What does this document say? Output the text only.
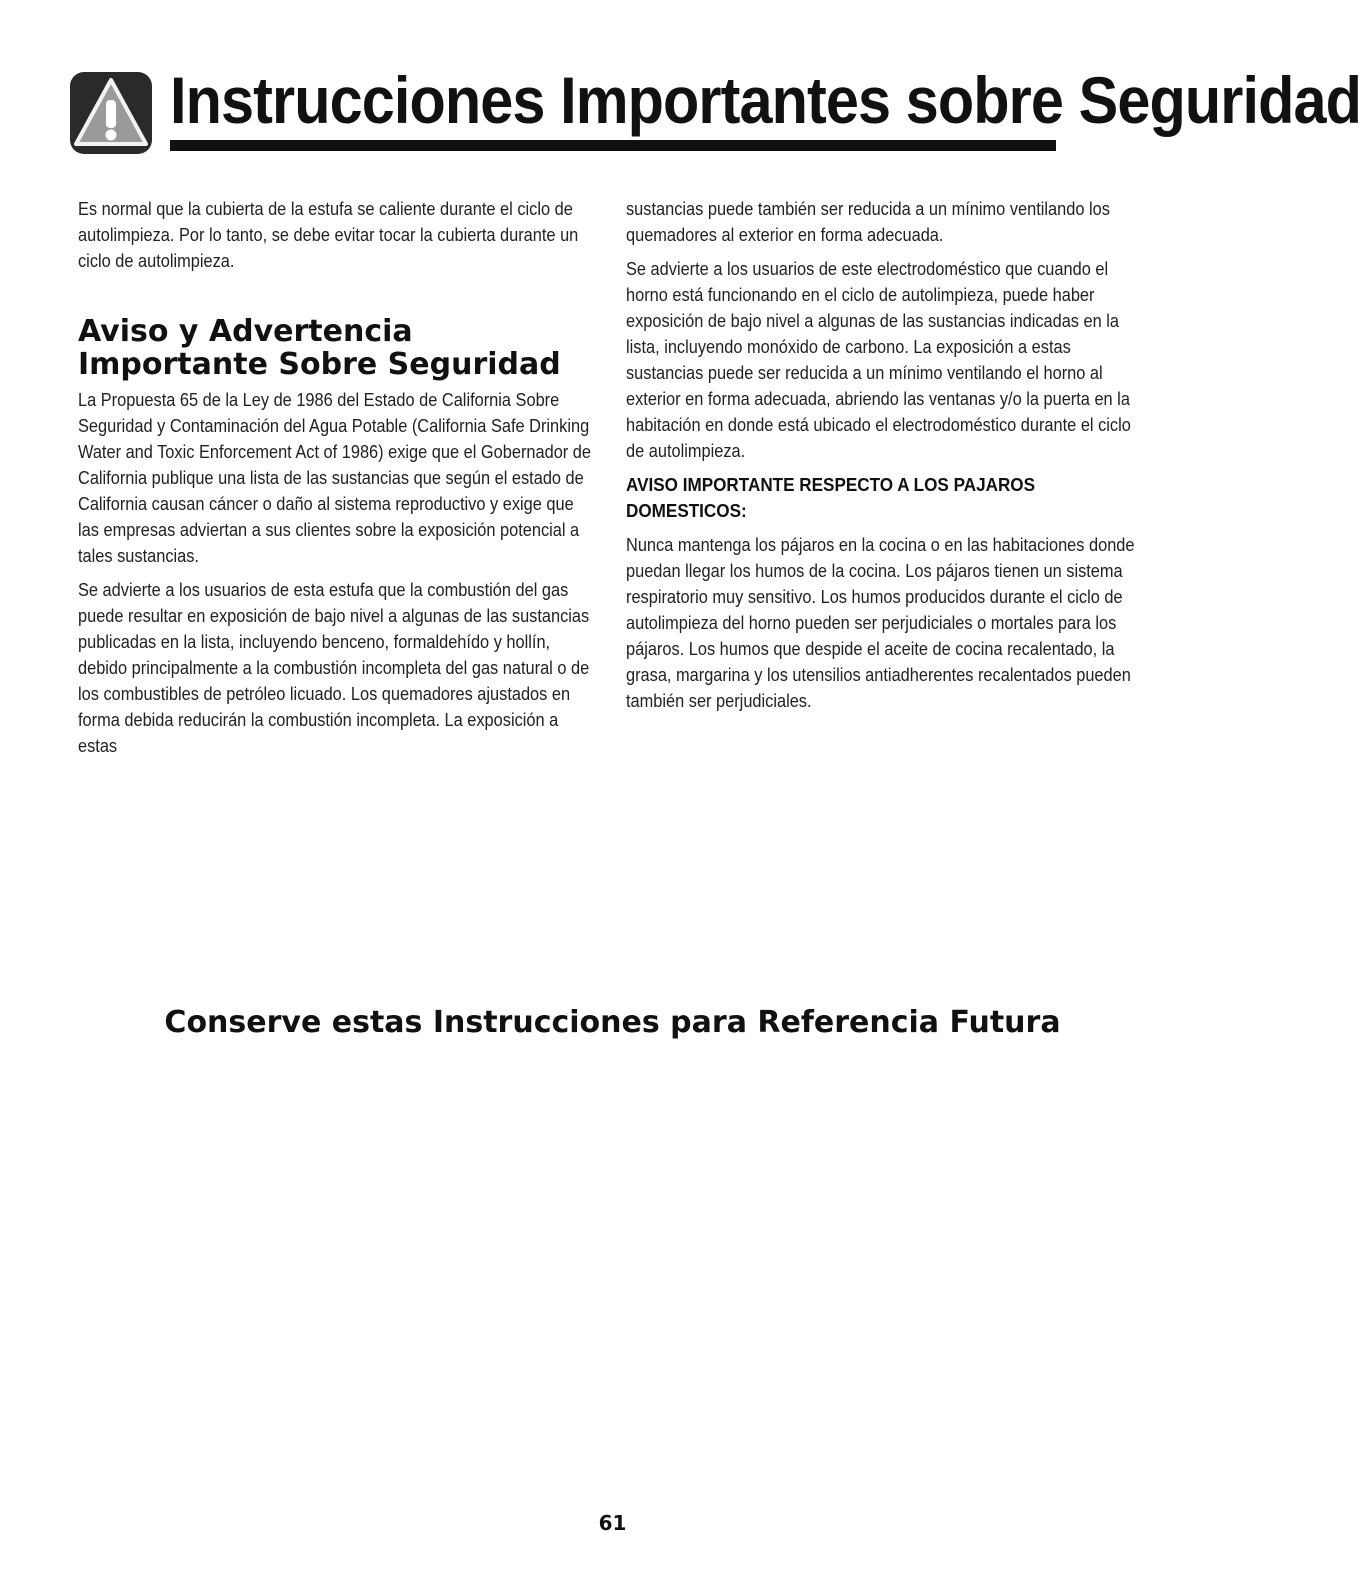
Instrucciones Importantes sobre Seguridad

Es normal que la cubierta de la estufa se caliente durante el ciclo de autolimpieza. Por lo tanto, se debe evitar tocar la cubierta durante un ciclo de autolimpieza.

Aviso y Advertencia
Importante Sobre Seguridad

La Propuesta 65 de la Ley de 1986 del Estado de California Sobre Seguridad y Contaminación del Agua Potable (California Safe Drinking Water and Toxic Enforcement Act of 1986) exige que el Gobernador de California publique una lista de las sustancias que según el estado de California causan cáncer o daño al sistema reproductivo y exige que las empresas adviertan a sus clientes sobre la exposición potencial a tales sustancias.

Se advierte a los usuarios de esta estufa que la combustión del gas puede resultar en exposición de bajo nivel a algunas de las sustancias publicadas en la lista, incluyendo benceno, formaldehído y hollín, debido principalmente a la combustión incompleta del gas natural o de los combustibles de petróleo licuado. Los quemadores ajustados en forma debida reducirán la combustión incompleta. La exposición a estas

sustancias puede también ser reducida a un mínimo ventilando los quemadores al exterior en forma adecuada.

Se advierte a los usuarios de este electrodoméstico que cuando el horno está funcionando en el ciclo de autolimpieza, puede haber exposición de bajo nivel a algunas de las sustancias indicadas en la lista, incluyendo monóxido de carbono. La exposición a estas sustancias puede ser reducida a un mínimo ventilando el horno al exterior en forma adecuada, abriendo las ventanas y/o la puerta en la habitación en donde está ubicado el electrodoméstico durante el ciclo de autolimpieza.

AVISO IMPORTANTE RESPECTO A LOS PAJAROS DOMESTICOS:

Nunca mantenga los pájaros en la cocina o en las habitaciones donde puedan llegar los humos de la cocina. Los pájaros tienen un sistema respiratorio muy sensitivo. Los humos producidos durante el ciclo de autolimpieza del horno pueden ser perjudiciales o mortales para los pájaros. Los humos que despide el aceite de cocina recalentado, la grasa, margarina y los utensilios antiadherentes recalentados pueden también ser perjudiciales.

Conserve estas Instrucciones para Referencia Futura
61
